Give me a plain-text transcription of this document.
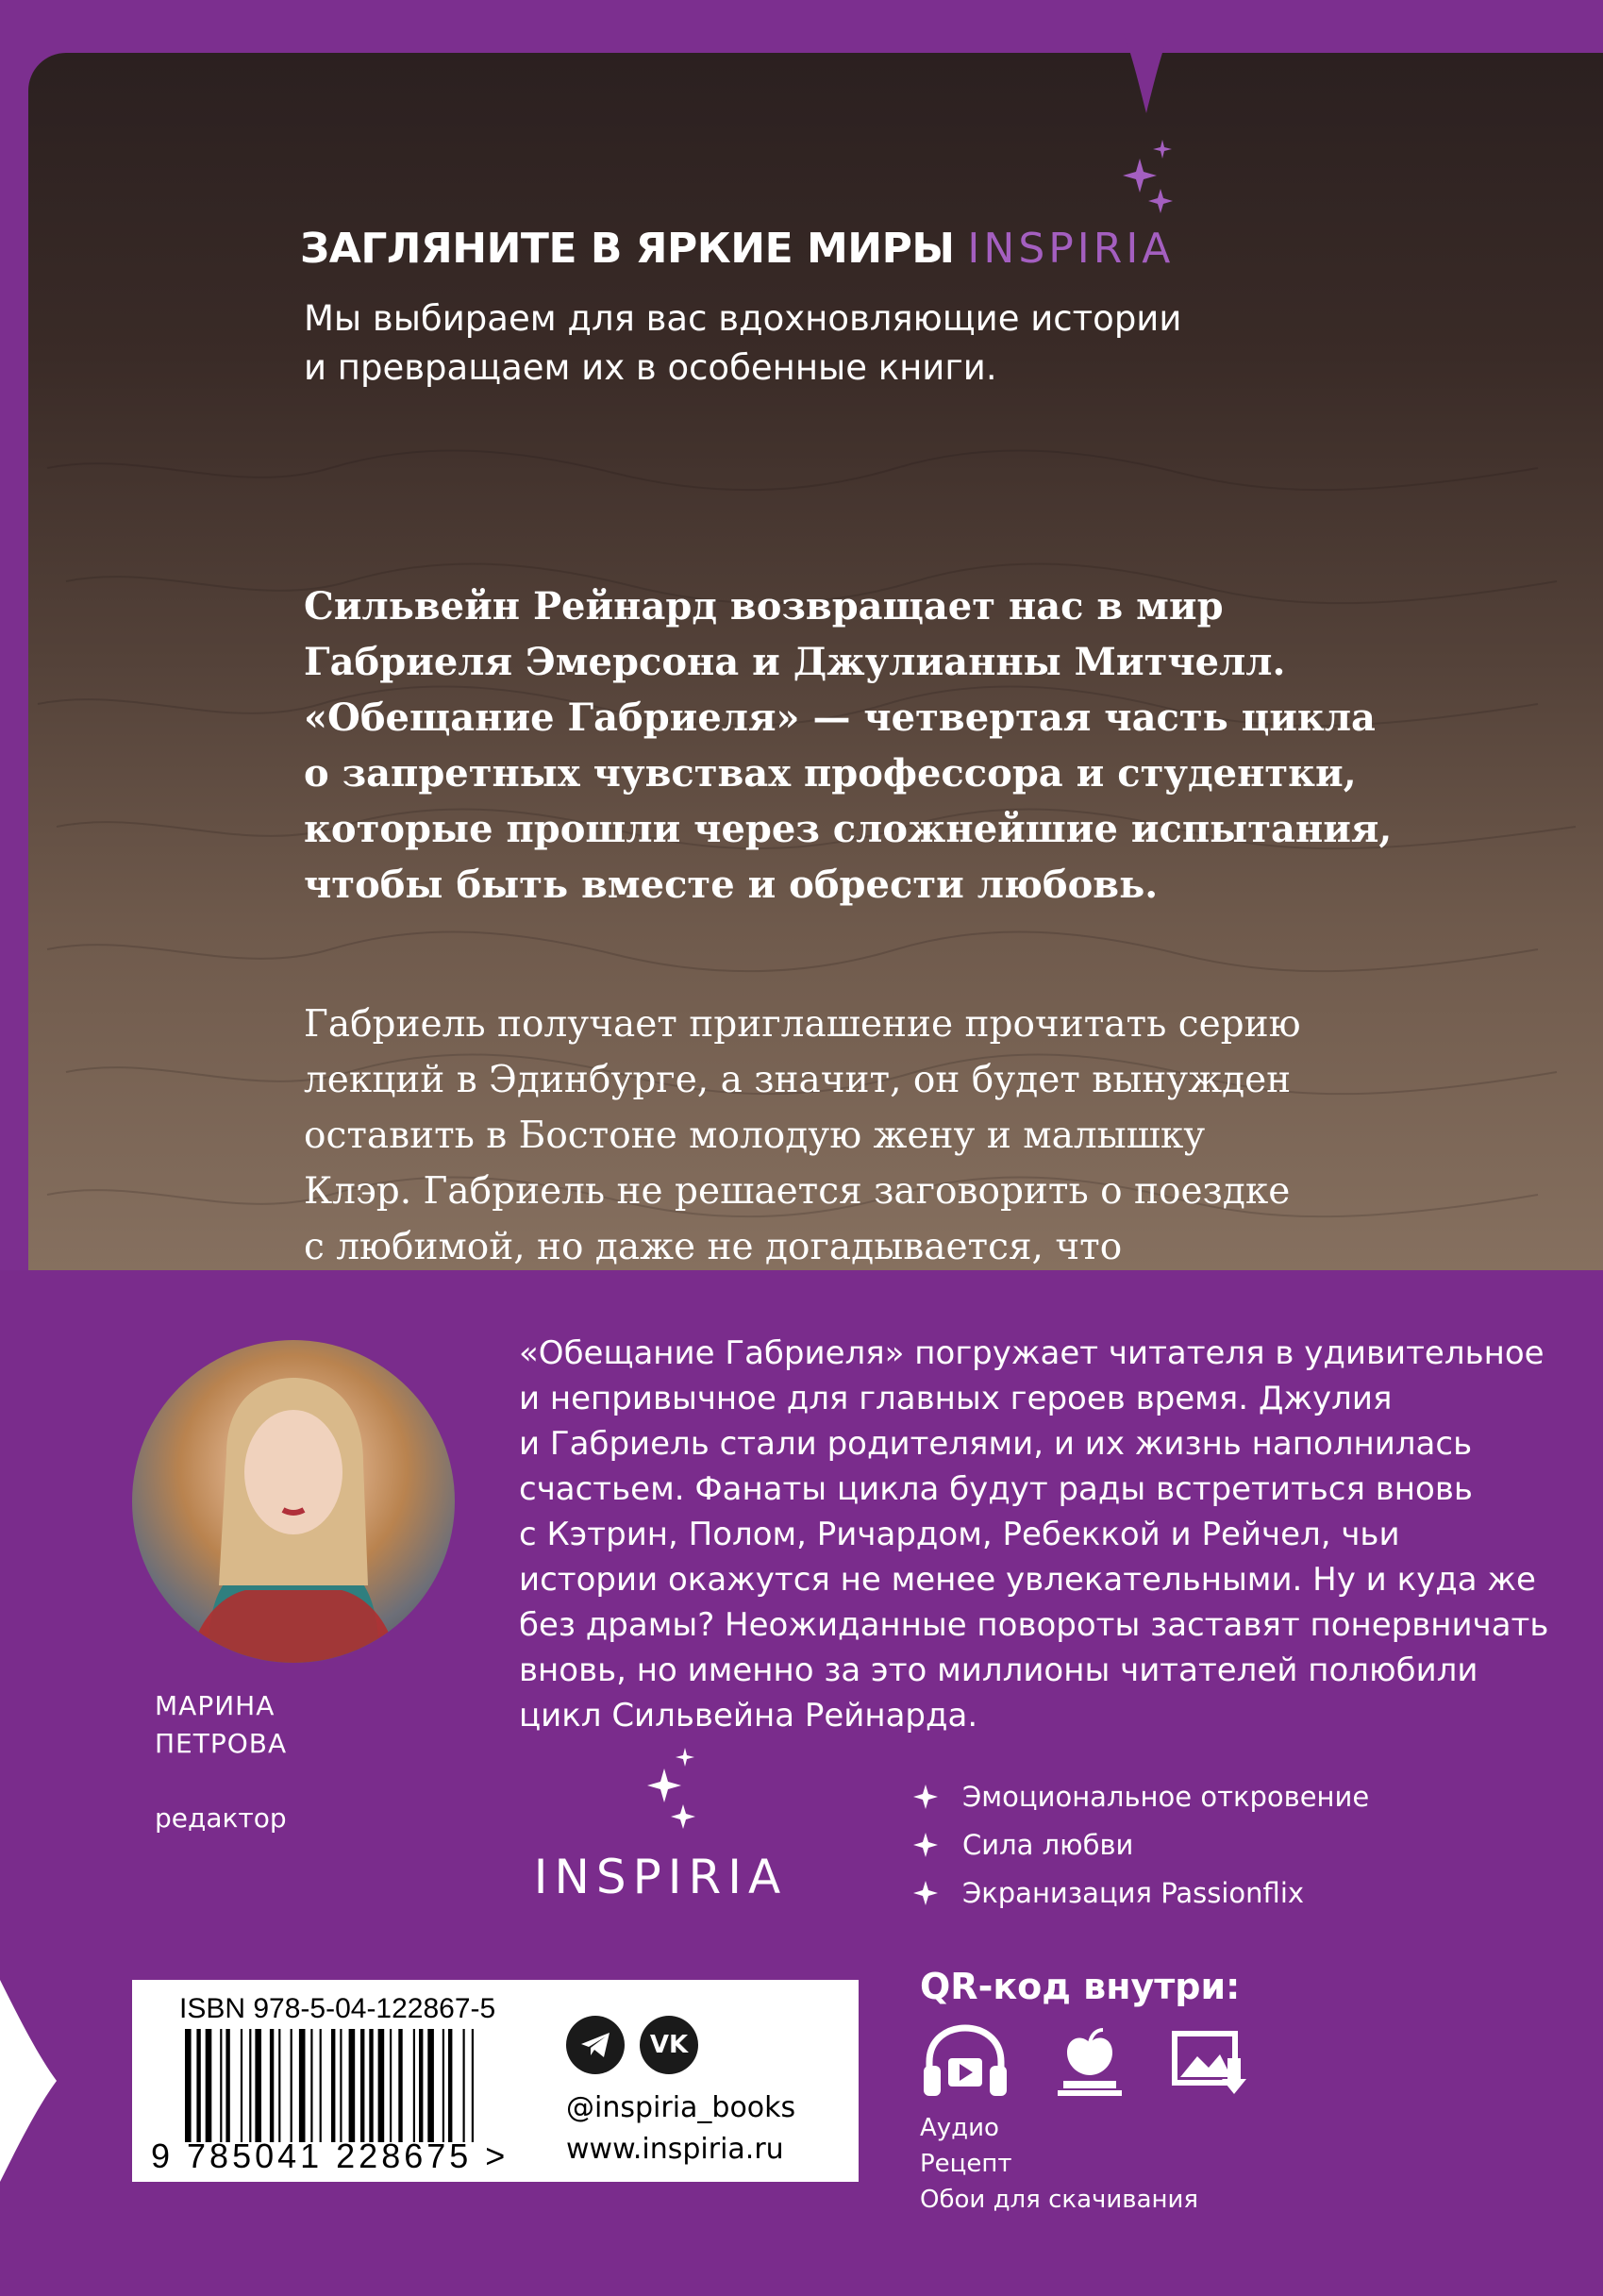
ЗАГЛЯНИТЕ В ЯРКИЕ МИРЫ INSPIRIA
Мы выбираем для вас вдохновляющие истории
и превращаем их в особенные книги.

Сильвейн Рейнард возвращает нас в мир

Габриеля Эмерсона и Джулианны Митчелл.

«Обещание Габриеля» — четвертая часть цикла

о запретных чувствах профессора и студентки,

которые прошли через сложнейшие испытания,

чтобы быть вместе и обрести любовь.

Габриель получает приглашение прочитать серию

лекций в Эдинбурге, а значит, он будет вынужден

оставить в Бостоне молодую жену и малышку

Клэр. Габриель не решается заговорить о поездке

с любимой, но даже не догадывается, что

МАРИНА
ПЕТРОВА
редактор

«Обещание Габриеля» погружает читателя в удивительное

и непривычное для главных героев время. Джулия

и Габриель стали родителями, и их жизнь наполнилась

счастьем. Фанаты цикла будут рады встретиться вновь

с Кэтрин, Полом, Ричардом, Ребеккой и Рейчел, чьи

истории окажутся не менее увлекательными. Ну и куда же

без драмы? Неожиданные повороты заставят понервничать

вновь, но именно за это миллионы читателей полюбили

цикл Сильвейна Рейнарда.

INSPIRIA
Эмоциональное откровение
Сила любви
Экранизация Passionflix
ISBN 978-5-04-122867-5
9 785041 228675 >
VK
@inspiria_books
www.inspiria.ru
QR-код внутри:
Аудио
Рецепт
Обои для скачивания
